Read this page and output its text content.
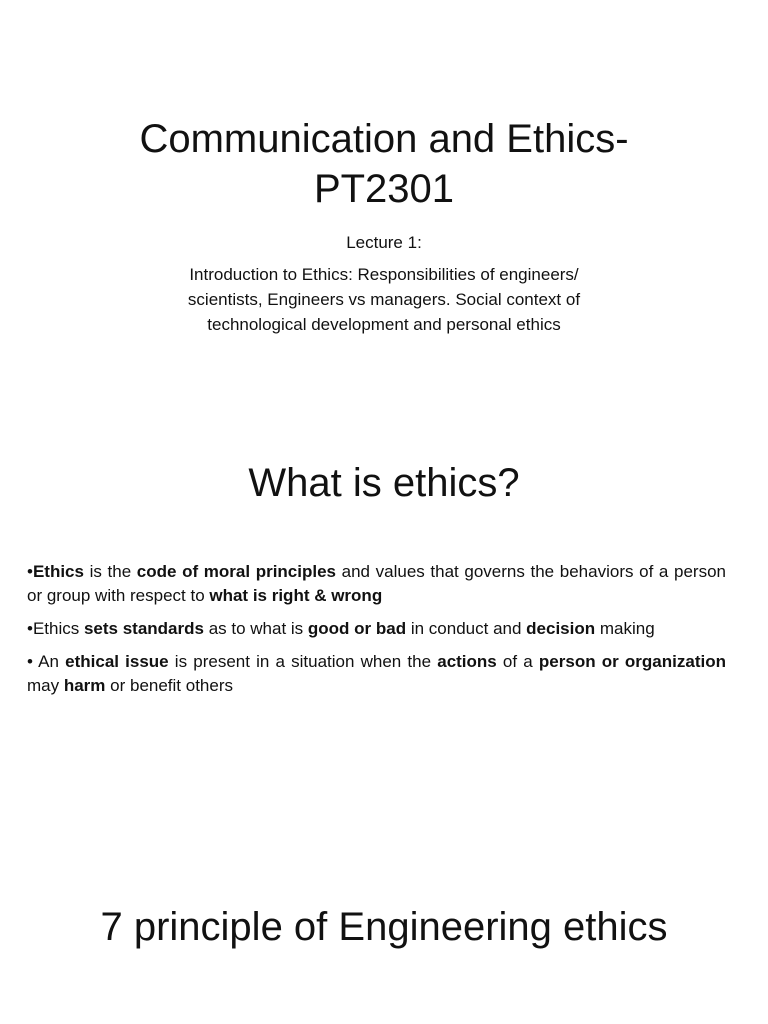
Communication and Ethics-
PT2301

Lecture 1:

Introduction to Ethics: Responsibilities of engineers/
scientists, Engineers vs managers. Social context of
technological development and personal ethics

What is ethics?
•Ethics is the code of moral principles and values that governs the behaviors of a person or group with respect to what is right & wrong
•Ethics sets standards as to what is good or bad in conduct and decision making
• An ethical issue is present in a situation when the actions of a person or organization may harm or benefit others
7 principle of Engineering ethics
